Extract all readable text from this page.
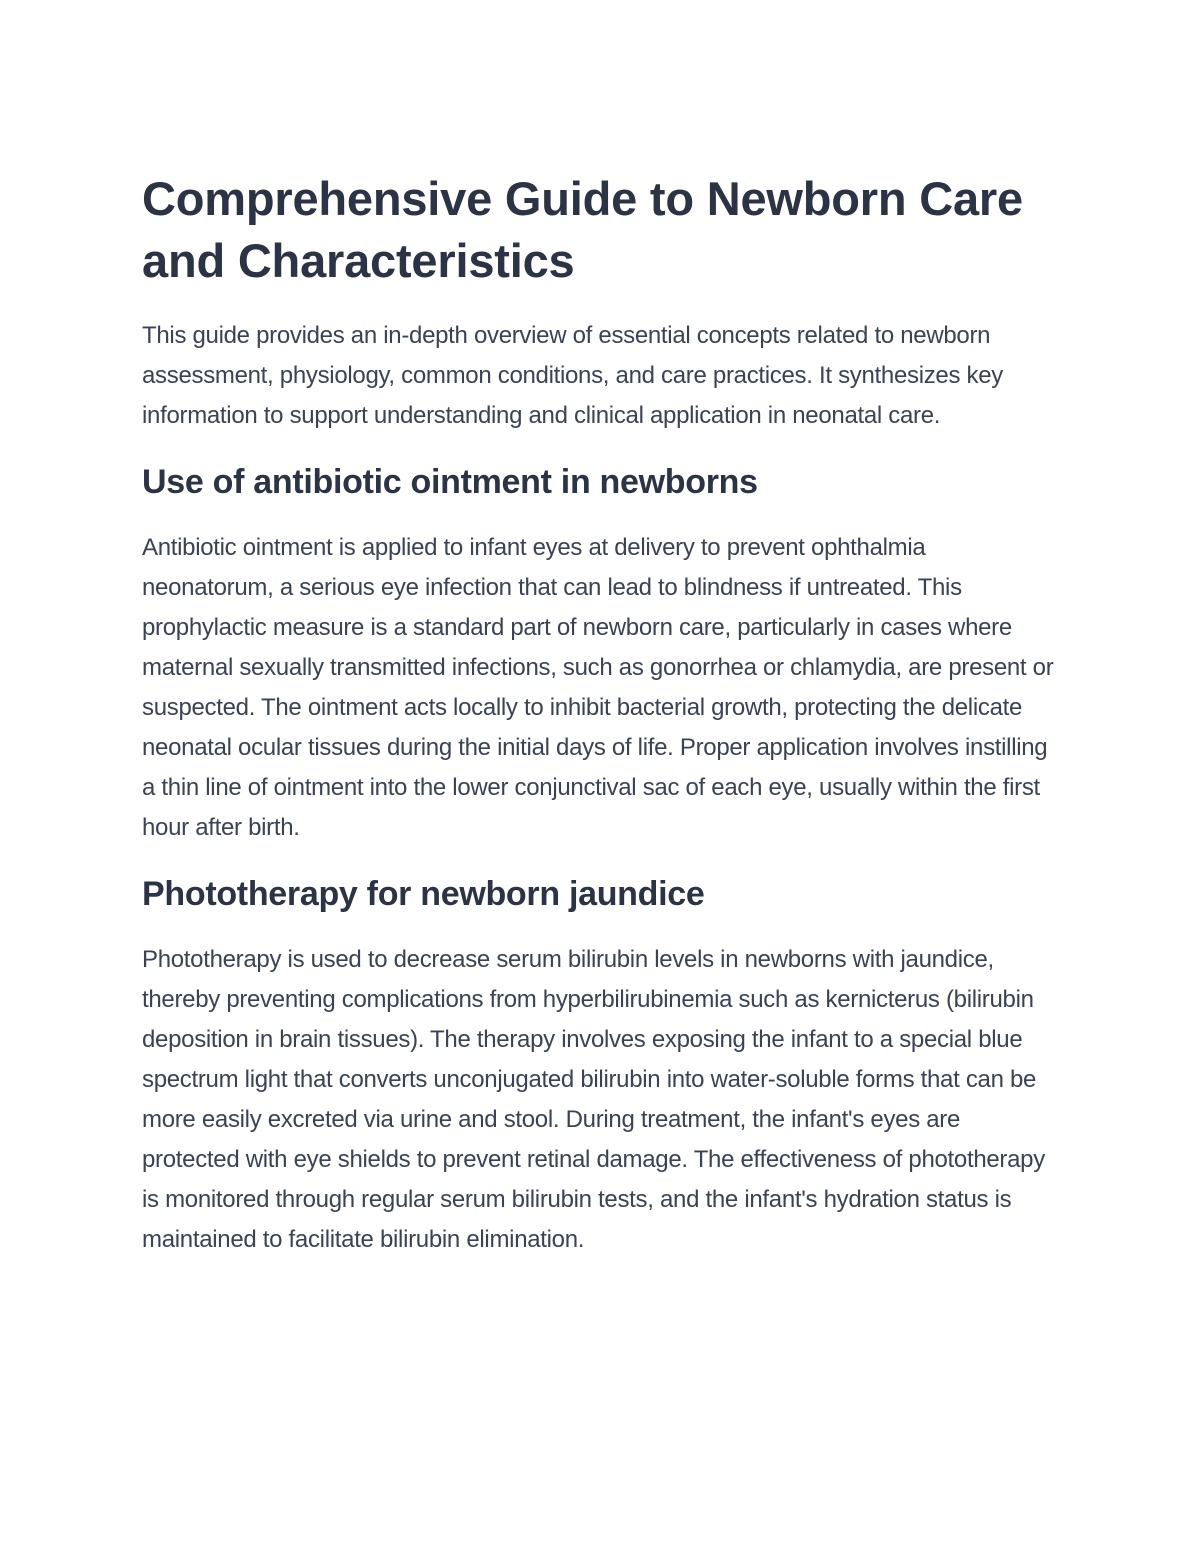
Comprehensive Guide to Newborn Care and Characteristics

This guide provides an in-depth overview of essential concepts related to newborn assessment, physiology, common conditions, and care practices. It synthesizes key information to support understanding and clinical application in neonatal care.

Use of antibiotic ointment in newborns

Antibiotic ointment is applied to infant eyes at delivery to prevent ophthalmia neonatorum, a serious eye infection that can lead to blindness if untreated. This prophylactic measure is a standard part of newborn care, particularly in cases where maternal sexually transmitted infections, such as gonorrhea or chlamydia, are present or suspected. The ointment acts locally to inhibit bacterial growth, protecting the delicate neonatal ocular tissues during the initial days of life. Proper application involves instilling a thin line of ointment into the lower conjunctival sac of each eye, usually within the first hour after birth.

Phototherapy for newborn jaundice

Phototherapy is used to decrease serum bilirubin levels in newborns with jaundice, thereby preventing complications from hyperbilirubinemia such as kernicterus (bilirubin deposition in brain tissues). The therapy involves exposing the infant to a special blue spectrum light that converts unconjugated bilirubin into water-soluble forms that can be more easily excreted via urine and stool. During treatment, the infant's eyes are protected with eye shields to prevent retinal damage. The effectiveness of phototherapy is monitored through regular serum bilirubin tests, and the infant's hydration status is maintained to facilitate bilirubin elimination.
